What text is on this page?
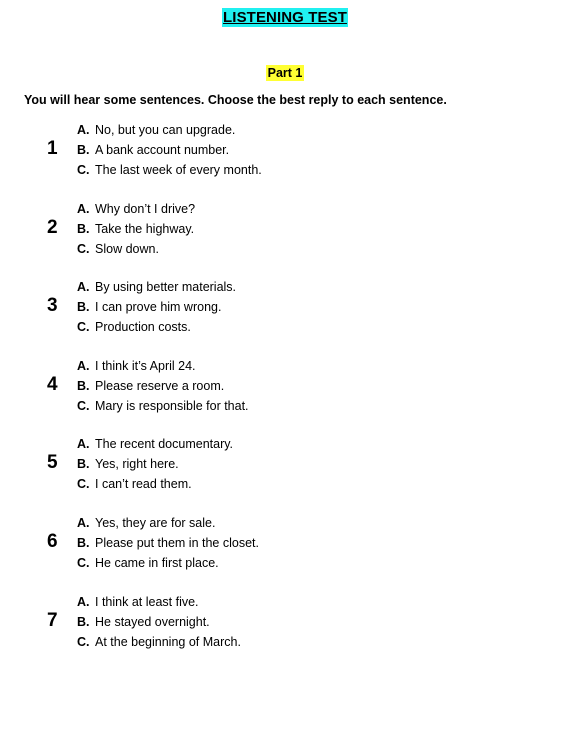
LISTENING TEST
Part 1
You will hear some sentences. Choose the best reply to each sentence.
1
A. No, but you can upgrade.
B. A bank account number.
C. The last week of every month.
2
A. Why don’t I drive?
B. Take the highway.
C. Slow down.
3
A. By using better materials.
B. I can prove him wrong.
C. Production costs.
4
A. I think it’s April 24.
B. Please reserve a room.
C. Mary is responsible for that.
5
A. The recent documentary.
B. Yes, right here.
C. I can’t read them.
6
A. Yes, they are for sale.
B. Please put them in the closet.
C. He came in first place.
7
A. I think at least five.
B. He stayed overnight.
C. At the beginning of March.
